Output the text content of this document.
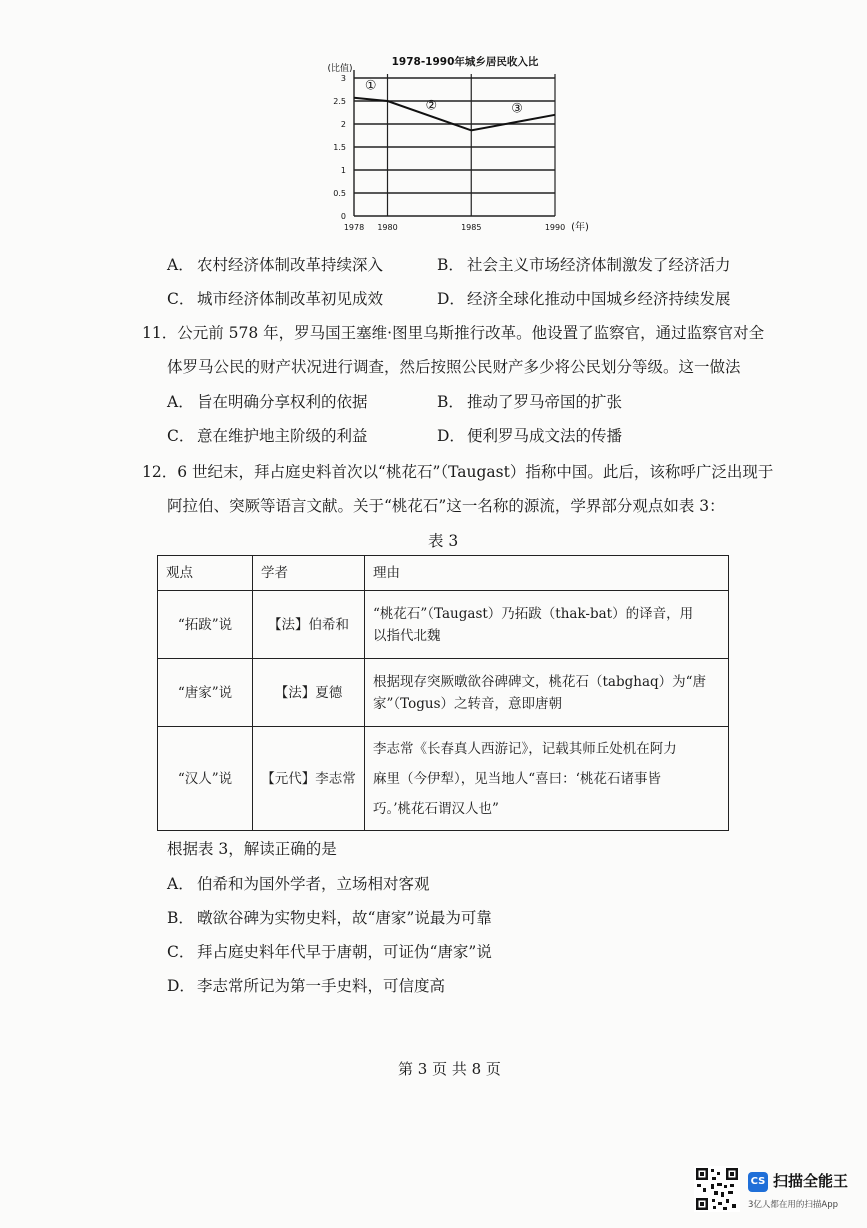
1978-1990年城乡居民收入比
(比值)
0
0.5
1
1.5
2
2.5
3
1978 1980	1985	1990 (年)
①
②	③
A． 农村经济体制改革持续深入	B． 社会主义市场经济体制激发了经济活力
C． 城市经济体制改革初见成效	D． 经济全球化推动中国城乡经济持续发展
11．公元前 578 年，罗马国王塞维·图里乌斯推行改革。他设置了监察官，通过监察官对全
体罗马公民的财产状况进行调查，然后按照公民财产多少将公民划分等级。这一做法
A． 旨在明确分享权利的依据	B． 推动了罗马帝国的扩张
C． 意在维护地主阶级的利益	D． 便利罗马成文法的传播
12．6 世纪末，拜占庭史料首次以“桃花石”（Taugast）指称中国。此后，该称呼广泛出现于
阿拉伯、突厥等语言文献。关于“桃花石”这一名称的源流，学界部分观点如表 3：
表 3
观点	学者	理由
“拓跋”说	【法】伯希和	“桃花石”（Taugast）乃拓跋（thak-bat）的译音，用
以指代北魏

“唐家”说	【法】夏德	根据现存突厥暾欲谷碑碑文，桃花石（tabghaq）为“唐
家”（Togus）之转音，意即唐朝

“汉人”说	【元代】李志常	李志常《长春真人西游记》，记载其师丘处机在阿力
麻里（今伊犁），见当地人“喜曰：‘桃花石诸事皆
巧。’桃花石谓汉人也”
根据表 3，解读正确的是
A． 伯希和为国外学者，立场相对客观
B． 暾欲谷碑为实物史料，故“唐家”说最为可靠
C． 拜占庭史料年代早于唐朝，可证伪“唐家”说
D． 李志常所记为第一手史料，可信度高
第 3 页 共 8 页
CS 扫描全能王
3亿人都在用的扫描App
